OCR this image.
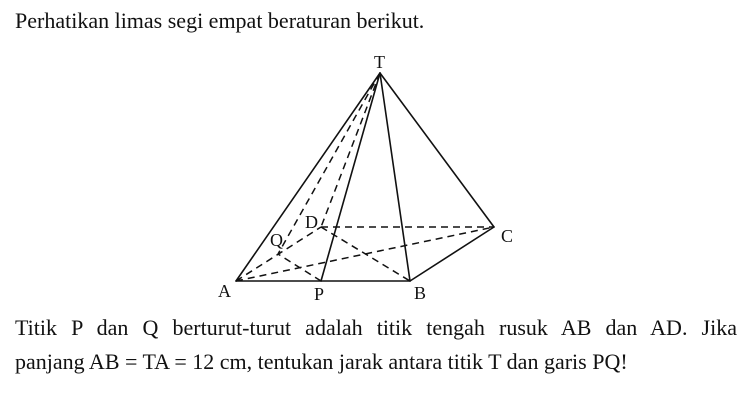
Perhatikan limas segi empat beraturan berikut.
T
A	B
C
D
P
Q
Titik P dan Q berturut-turut adalah titik tengah rusuk AB dan AD. Jika
panjang AB = TA = 12 cm, tentukan jarak antara titik T dan garis PQ!
